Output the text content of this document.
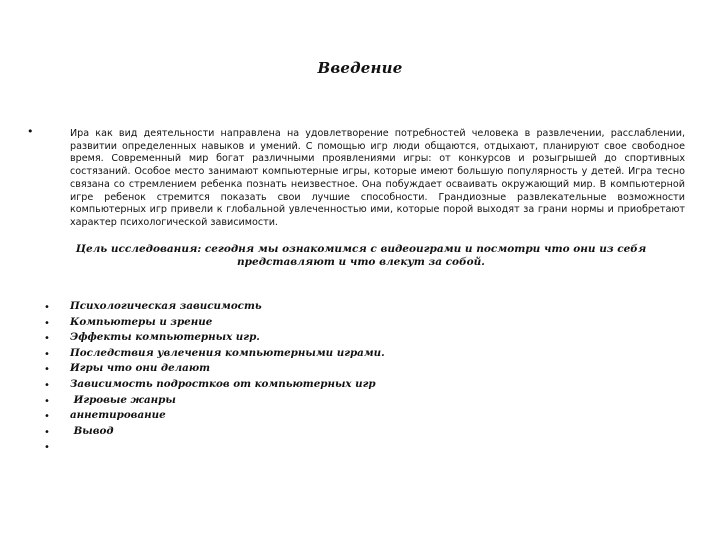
Введение
•	Ира как вид деятельности направлена на удовлетворение потребностей человека в развлечении, расслаблении, развитии определенных навыков и умений. С помощью игр люди общаются, отдыхают, планируют свое свободное время. Современный мир богат различными проявлениями игры: от конкурсов и розыгрышей до спортивных состязаний. Особое место занимают компьютерные игры, которые имеют большую популярность у детей. Игра тесно связана со стремлением ребенка познать неизвестное. Она побуждает осваивать окружающий мир. В компьютерной игре ребенок стремится показать свои лучшие способности. Грандиозные развлекательные возможности компьютерных игр привели к глобальной увлеченностью ими, которые порой выходят за грани нормы и приобретают характер психологической зависимости.

Цель исследования: сегодня мы ознакомимся с видеоиграми и посмотри что они из себя представляют и что влекут за собой.

• Психологическая зависимость
• Компьютеры и зрение
• Эффекты компьютерных игр.
• Последствия увлечения компьютерными играми.
• Игры что они делают
• Зависимость подростков от компьютерных игр
• Игровые жанры
• аннетирование
• Вывод
•
